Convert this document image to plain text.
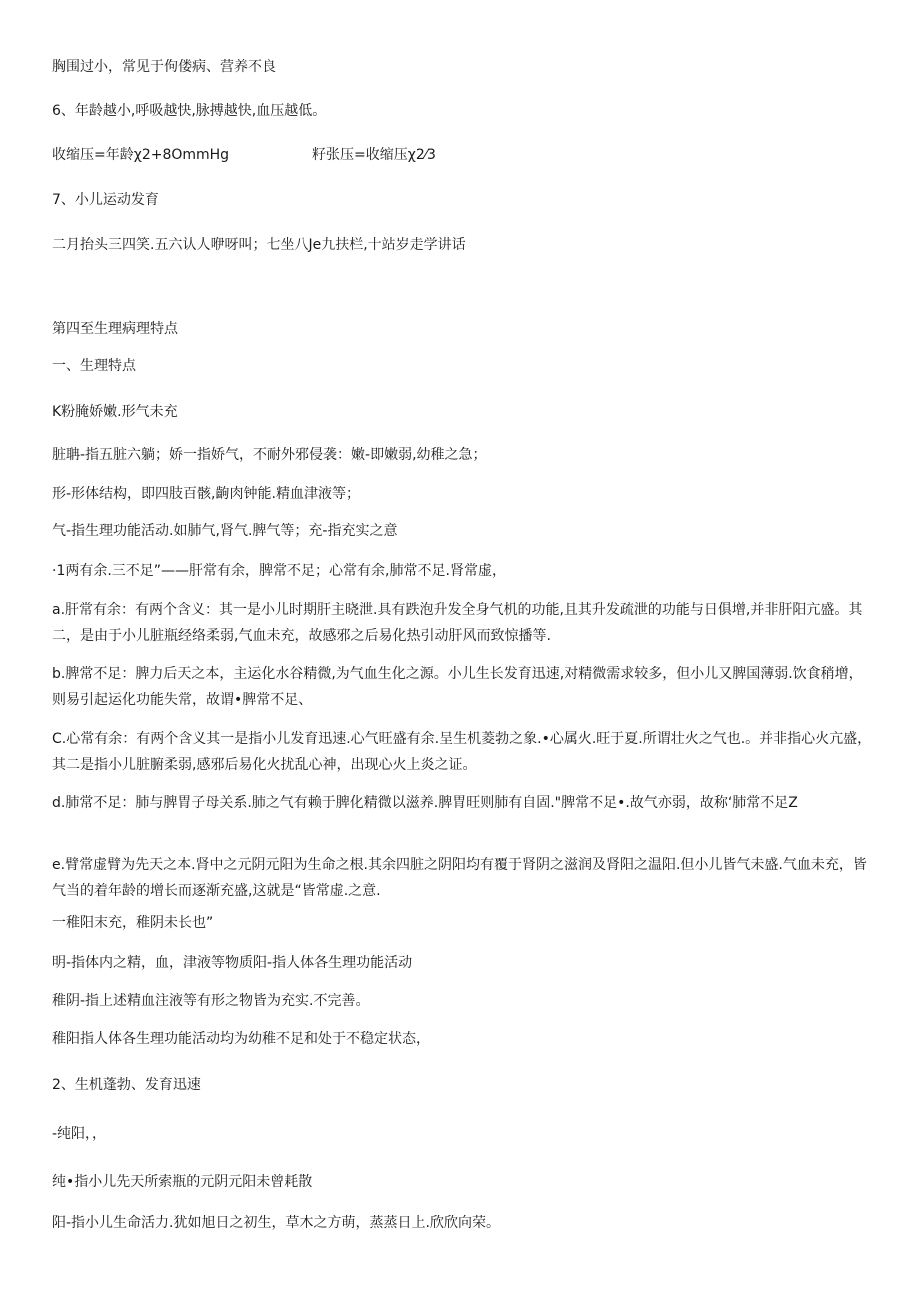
胸围过小，常见于佝偻病、营养不良
6、年龄越小,呼吸越快,脉搏越快,血压越低。
收缩压=年龄χ2+8OmmHg	籽张压=收缩压χ2⁄3
7、小儿运动发育
二月抬头三四笑.五六认人咿呀叫；七坐八Je九扶栏,十站岁走学讲话
第四至生理病理特点
一、生理特点
K粉腌娇嫩.形气未充
脏聃-指五脏六躺；娇一指娇气，不耐外邪侵袭：嫩-即嫩弱,幼稚之急；
形-形体结构，即四肢百骸,齣肉钟能.精血津液等；
气-指生理功能活动.如肺气,肾气.脾气等；充-指充实之意
·1两有余.三不足”——肝常有余，脾常不足；心常有余,肺常不足.肾常虚，
a.肝常有余：有两个含义：其一是小儿时期肝主晓泄.具有跌泡升发全身气机的功能,且其升发疏泄的功能与日俱增,并非肝阳亢盛。其二，是由于小儿脏瓶经络柔弱,气血未充，故感邪之后易化热引动肝风而致惊播等.
b.脾常不足：脾力后天之本，主运化水谷精微,为气血生化之源。小儿生长发育迅速,对精微需求较多，但小儿又脾国薄弱.饮食稍增，则易引起运化功能失常，故谓•脾常不足、
C.心常有余：有两个含义其一是指小儿发育迅速.心气旺盛有余.呈生机菱勃之象.•心属火.旺于夏.所谓壮火之气也.。并非指心火亢盛，其二是指小儿脏腑柔弱,感邪后易化火扰乱心神，出现心火上炎之证。
d.肺常不足：肺与脾胃子母关系.肺之气有赖于脾化精微以滋养.脾胃旺则肺有自固."脾常不足•.故气亦弱，故称‘肺常不足Z
e.臂常虚臂为先天之本.肾中之元阴元阳为生命之根.其余四脏之阴阳均有覆于肾阴之滋润及肾阳之温阳.但小儿皆气未盛.气血未充，皆气当的着年龄的增长而逐渐充盛,这就是“皆常虚.之意.
一稚阳末充，稚阴未长也”
明-指体内之精，血，津液等物质阳-指人体各生理功能活动
稚阴-指上述精血注液等有形之物皆为充实.不完善。
稚阳指人体各生理功能活动均为幼稚不足和处于不稳定状态，
2、生机蓬勃、发育迅速
-纯阳，，
纯•指小儿先天所索瓶的元阴元阳未曾耗散
阳-指小儿生命活力.犹如旭日之初生，草木之方萌，蒸蒸日上.欣欣向荣。
